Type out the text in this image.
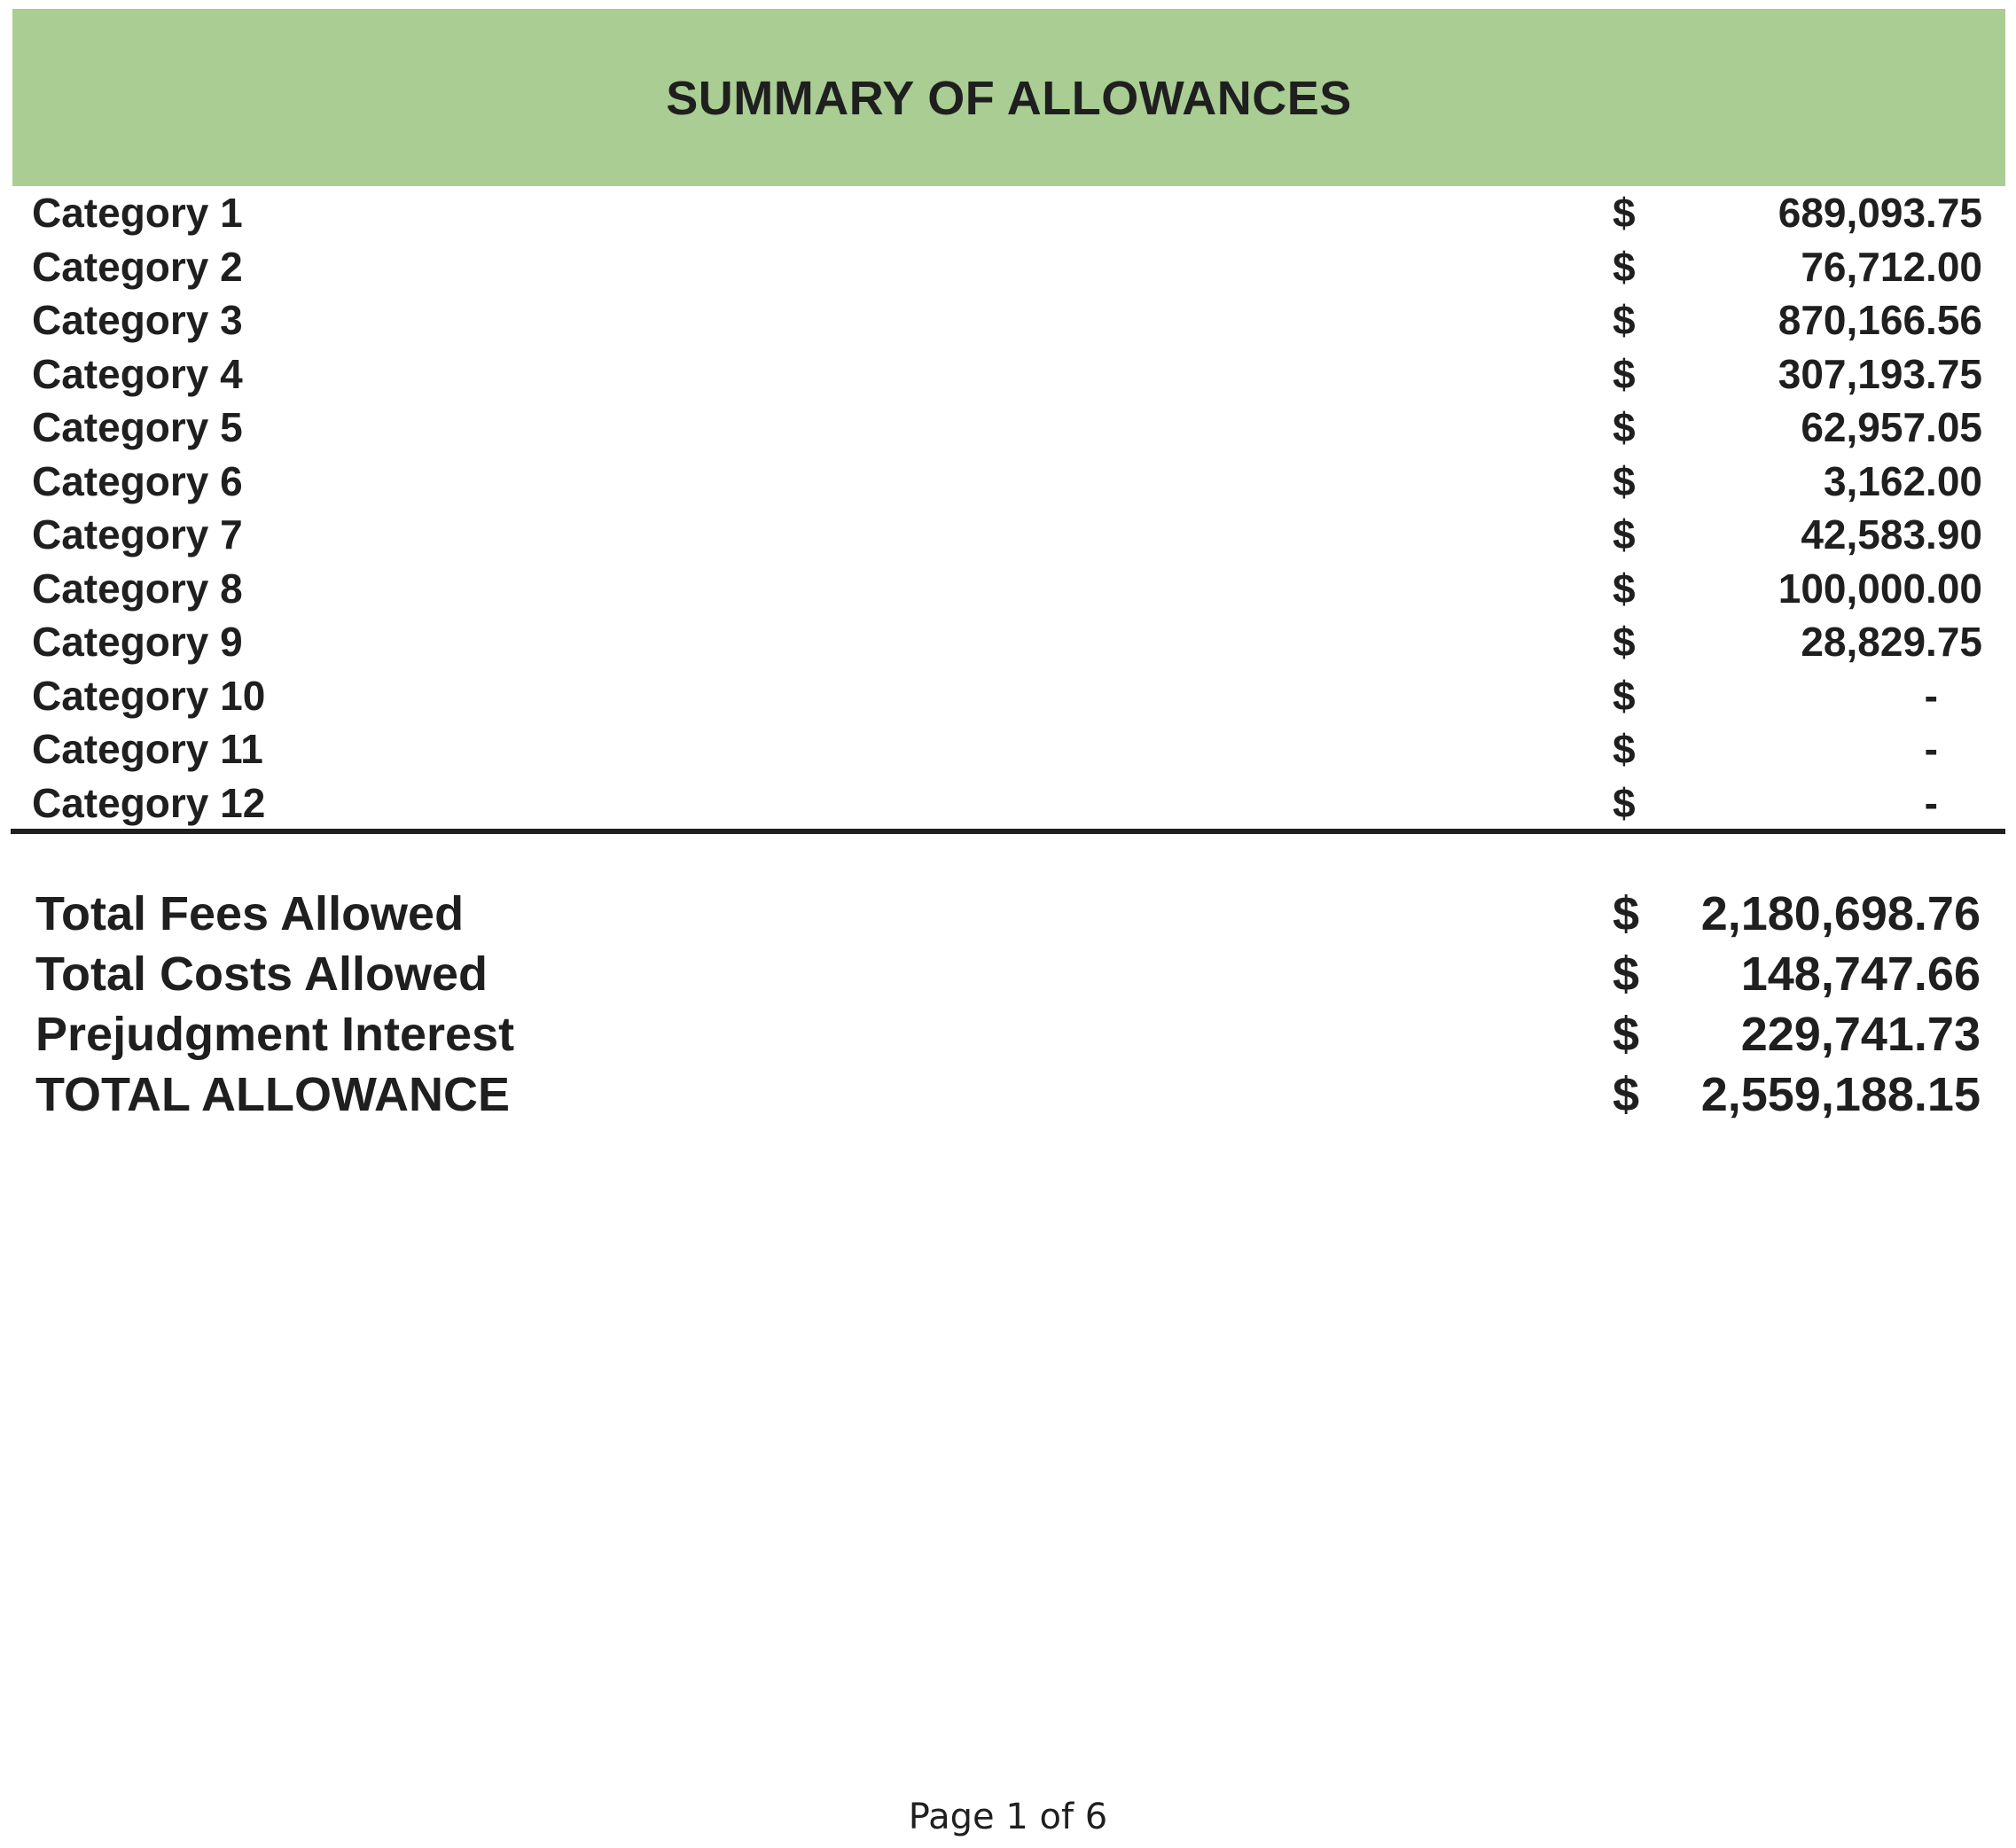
SUMMARY OF ALLOWANCES
Category 1	$	689,093.75
Category 2	$	76,712.00
Category 3	$	870,166.56
Category 4	$	307,193.75
Category 5	$	62,957.05
Category 6	$	3,162.00
Category 7	$	42,583.90
Category 8	$	100,000.00
Category 9	$	28,829.75
Category 10	$	-
Category 11	$	-
Category 12	$	-
Total Fees Allowed	$ 2,180,698.76
Total Costs Allowed	$ 148,747.66
Prejudgment Interest	$ 229,741.73
TOTAL ALLOWANCE	$ 2,559,188.15
Page 1 of 6
